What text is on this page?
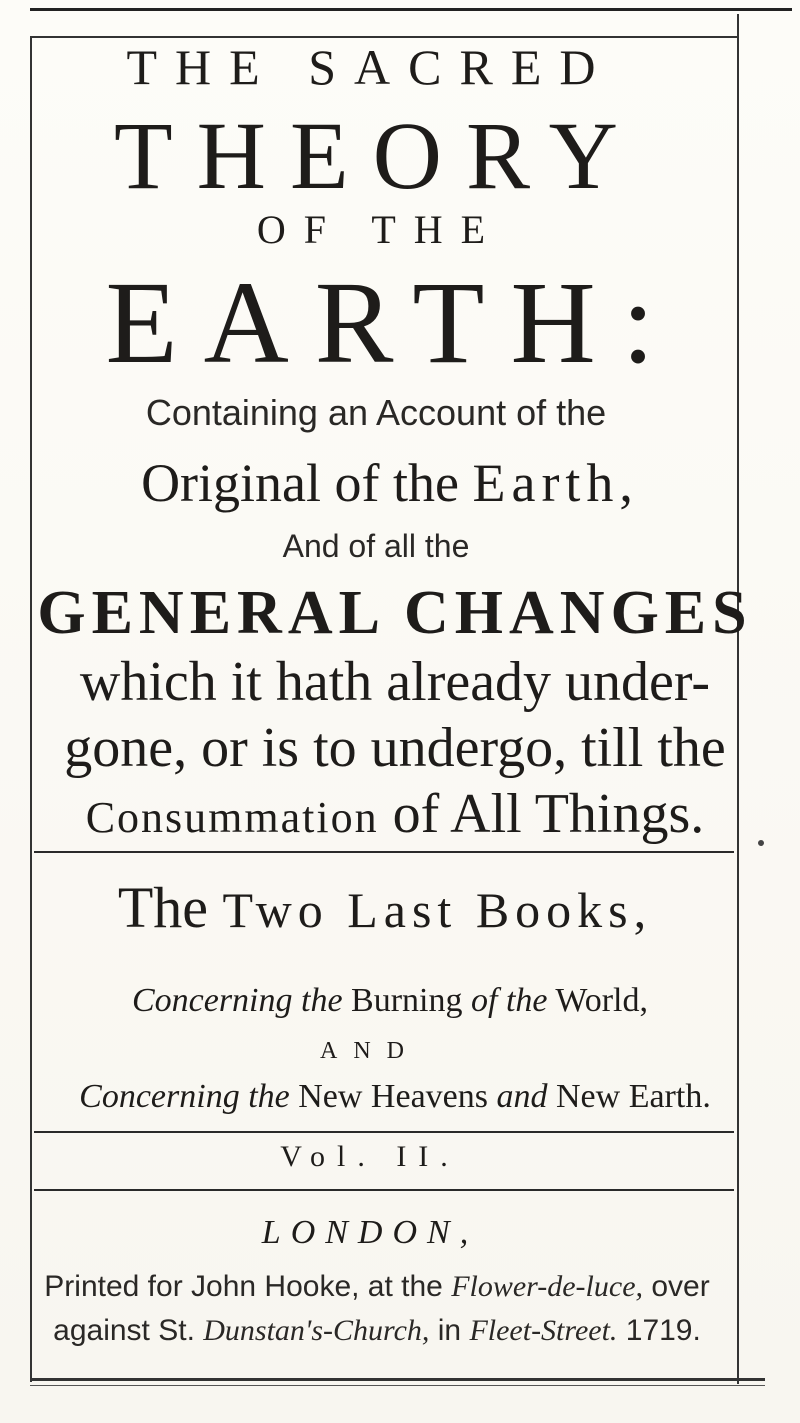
THE SACRED
THEORY
OF THE
EARTH:
Containing an Account of the
Original of the Earth,
And of all the
GENERAL CHANGES
which it hath already under-
gone, or is to undergo, till the
Consummation of All Things.
The Two Last Books,
Concerning the Burning of the World,
AND
Concerning the New Heavens and New Earth.
Vol. II.
LONDON,
Printed for John Hooke, at the Flower-de-luce, over
against St. Dunstan's-Church, in Fleet-Street. 1719.
